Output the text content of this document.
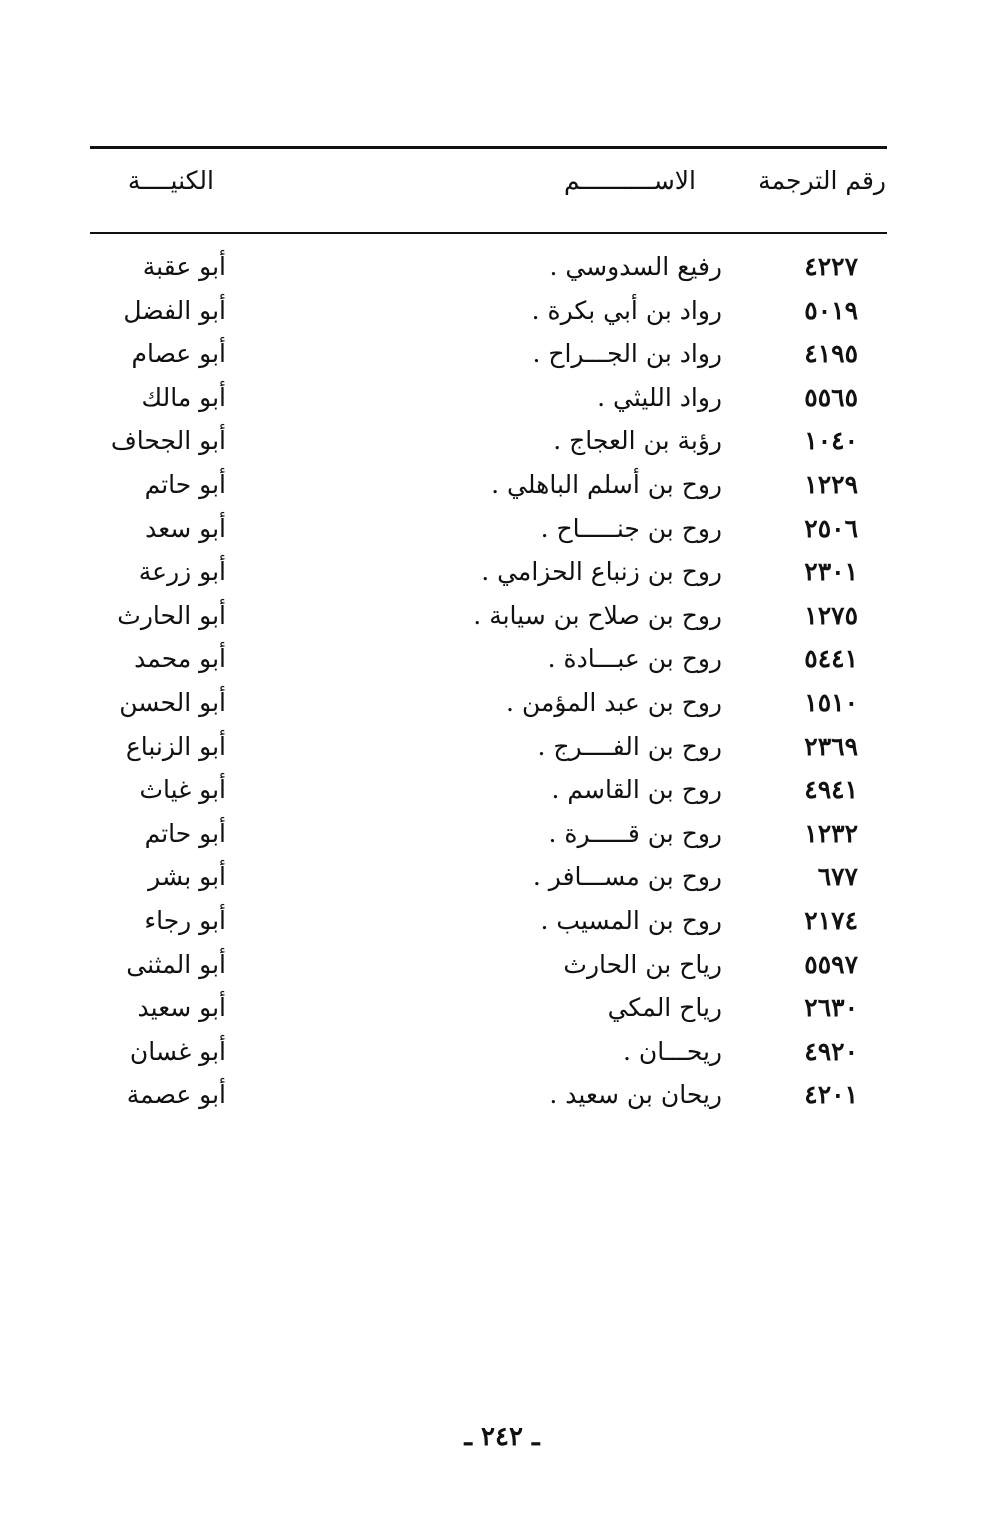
رقم الترجمة
الاســــــــــم
الكنيــــة
٤٢٢٧
رفيع السدوسي .
أبو عقبة
٥٠١٩
رواد بن أبي بكرة .
أبو الفضل
٤١٩٥
رواد بن الجـــراح .
أبو عصام
٥٥٦٥
رواد الليثي .
أبو مالك
١٠٤٠
رؤبة بن العجاج .
أبو الجحاف
١٢٢٩
روح بن أسلم الباهلي .
أبو حاتم
٢٥٠٦
روح بن جنـــــاح .
أبو سعد
٢٣٠١
روح بن زنباع الحزامي .
أبو زرعة
١٢٧٥
روح بن صلاح بن سيابة .
أبو الحارث
٥٤٤١
روح بن عبـــادة .
أبو محمد
١٥١٠
روح بن عبد المؤمن .
أبو الحسن
٢٣٦٩
روح بن الفــــرج .
أبو الزنباع
٤٩٤١
روح بن القاسم .
أبو غياث
١٢٣٢
روح بن قـــــرة .
أبو حاتم
٦٧٧
روح بن مســـافر .
أبو بشر
٢١٧٤
روح بن المسيب .
أبو رجاء
٥٥٩٧
رياح بن الحارث
أبو المثنى
٢٦٣٠
رياح المكي
أبو سعيد
٤٩٢٠
ريحـــان .
أبو غسان
٤٢٠١
ريحان بن سعيد .
أبو عصمة
ـ ٢٤٢ ـ
